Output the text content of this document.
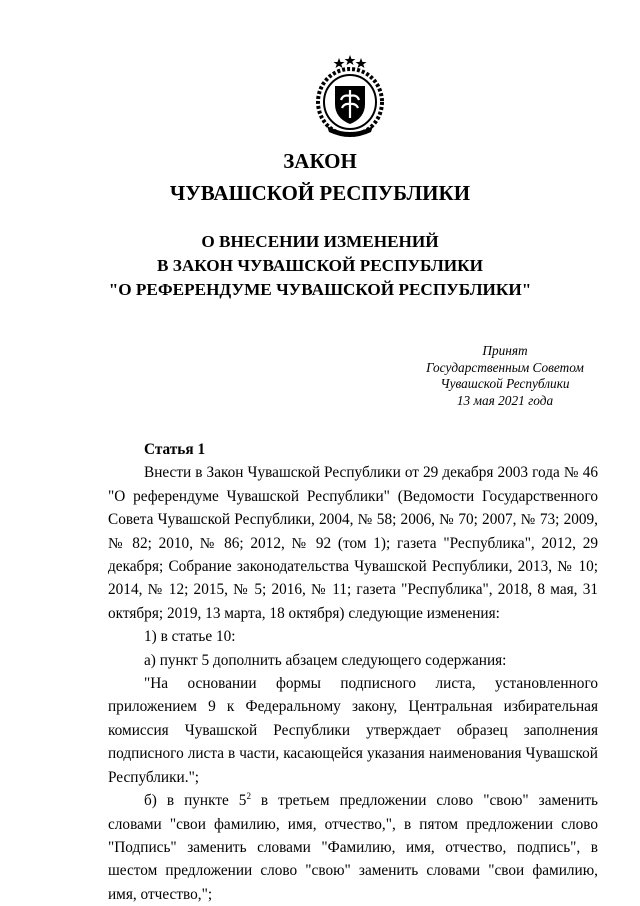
ЗАКОН
ЧУВАШСКОЙ РЕСПУБЛИКИ
О ВНЕСЕНИИ ИЗМЕНЕНИЙ
В ЗАКОН ЧУВАШСКОЙ РЕСПУБЛИКИ
"О РЕФЕРЕНДУМЕ ЧУВАШСКОЙ РЕСПУБЛИКИ"
Принят
Государственным Советом
Чувашской Республики
13 мая 2021 года

Статья 1

Внести в Закон Чувашской Республики от 29 декабря 2003 года № 46 "О референдуме Чувашской Республики" (Ведомости Государственного Совета Чувашской Республики, 2004, № 58; 2006, № 70; 2007, № 73; 2009, № 82; 2010, № 86; 2012, № 92 (том 1); газета "Республика", 2012, 29 декабря; Собрание законодательства Чувашской Республики, 2013, № 10; 2014, № 12; 2015, № 5; 2016, № 11; газета "Республика", 2018, 8 мая, 31 октября; 2019, 13 марта, 18 октября) следующие изменения:

1) в статье 10:

а) пункт 5 дополнить абзацем следующего содержания:

"На основании формы подписного листа, установленного приложением 9 к Федеральному закону, Центральная избирательная комиссия Чувашской Республики утверждает образец заполнения подписного листа в части, касающейся указания наименования Чувашской Республики.";

б) в пункте $5^2$ в третьем предложении слово "свою" заменить словами "свои фамилию, имя, отчество,", в пятом предложении слово "Подпись" заменить словами "Фамилию, имя, отчество, подпись", в шестом предложении слово "свою" заменить словами "свои фамилию, имя, отчество,";
